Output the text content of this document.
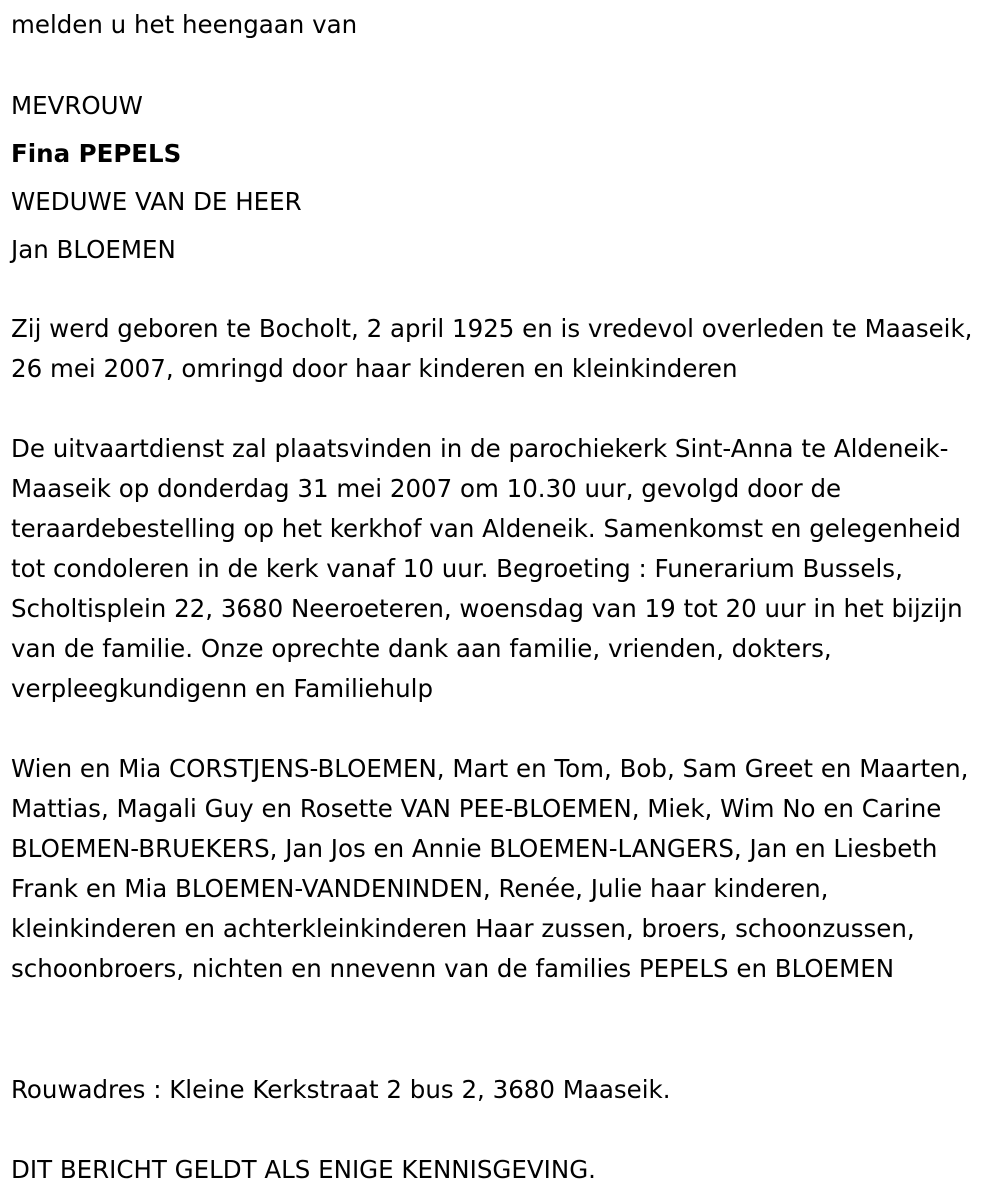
melden u het heengaan van
MEVROUW
Fina PEPELS
WEDUWE VAN DE HEER
Jan BLOEMEN

Zij werd geboren te Bocholt, 2 april 1925 en is vredevol overleden te Maaseik, 26 mei 2007, omringd door haar kinderen en kleinkinderen

De uitvaartdienst zal plaatsvinden in de parochiekerk Sint-Anna te Aldeneik-Maaseik op donderdag 31 mei 2007 om 10.30 uur, gevolgd door de teraardebestelling op het kerkhof van Aldeneik. Samenkomst en gelegenheid tot condoleren in de kerk vanaf 10 uur. Begroeting : Funerarium Bussels, Scholtisplein 22, 3680 Neeroeteren, woensdag van 19 tot 20 uur in het bijzijn van de familie. Onze oprechte dank aan familie, vrienden, dokters, verpleegkundigenn en Familiehulp

Wien en Mia CORSTJENS-BLOEMEN, Mart en Tom, Bob, Sam Greet en Maarten, Mattias, Magali Guy en Rosette VAN PEE-BLOEMEN, Miek, Wim No en Carine BLOEMEN-BRUEKERS, Jan Jos en Annie BLOEMEN-LANGERS, Jan en Liesbeth Frank en Mia BLOEMEN-VANDENINDEN, Renée, Julie haar kinderen, kleinkinderen en achterkleinkinderen Haar zussen, broers, schoonzussen, schoonbroers, nichten en nnevenn van de families PEPELS en BLOEMEN

Rouwadres : Kleine Kerkstraat 2 bus 2, 3680 Maaseik.
DIT BERICHT GELDT ALS ENIGE KENNISGEVING.
